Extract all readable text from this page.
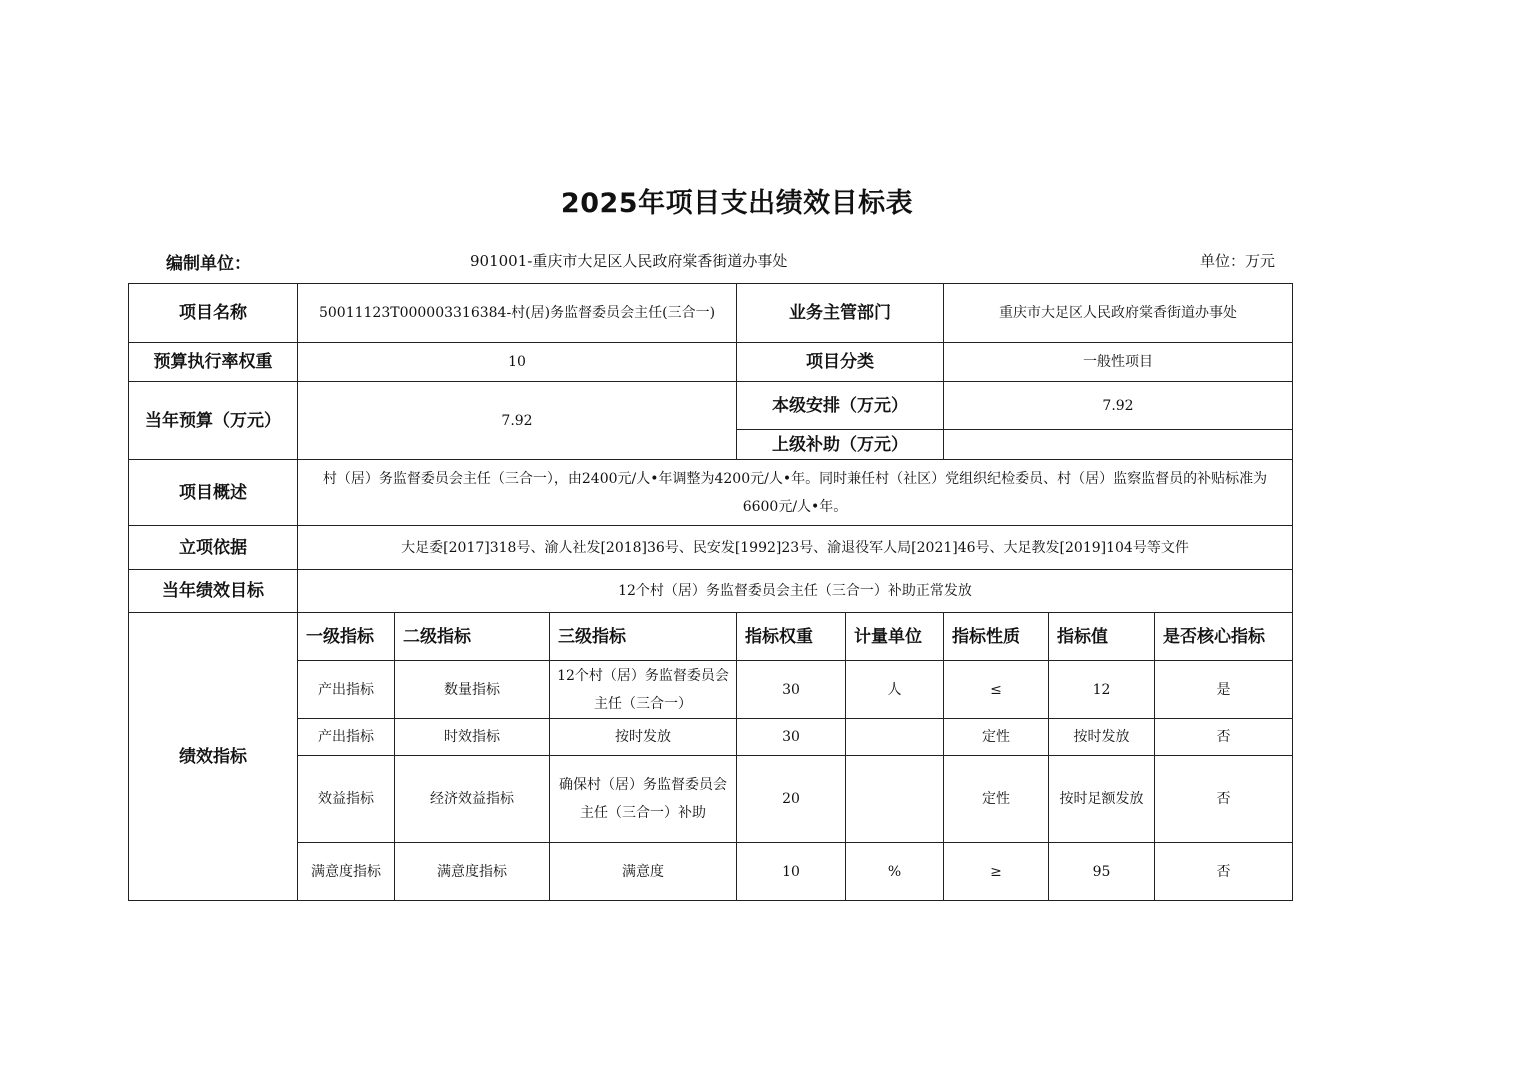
2025年项目支出绩效目标表
编制单位：	901001-重庆市大足区人民政府棠香街道办事处	单位：万元
项目名称	50011123T000003316384-村(居)务监督委员会主任(三合一)			业务主管部门		重庆市大足区人民政府棠香街道办事处		
预算执行率权重	10			项目分类		一般性项目		
当年预算（万元）	7.92			本级安排（万元）		7.92		
				上级补助（万元）				
项目概述	村（居）务监督委员会主任（三合一），由2400元/人•年调整为4200元/人•年。同时兼任村（社区）党组织纪检委员、村（居）监察监督员的补贴标准为6600元/人•年。							
立项依据	大足委[2017]318号、渝人社发[2018]36号、民安发[1992]23号、渝退役军人局[2021]46号、大足教发[2019]104号等文件							
当年绩效目标	12个村（居）务监督委员会主任（三合一）补助正常发放							
绩效指标	一级指标	二级指标	三级指标	指标权重	计量单位	指标性质	指标值	是否核心指标
	产出指标	数量指标	12个村（居）务监督委员会主任（三合一）	30	人	≤	12	是
	产出指标	时效指标	按时发放	30		定性	按时发放	否
	效益指标	经济效益指标	确保村（居）务监督委员会主任（三合一）补助	20		定性	按时足额发放	否
	满意度指标	满意度指标	满意度	10	%	≥	95	否
